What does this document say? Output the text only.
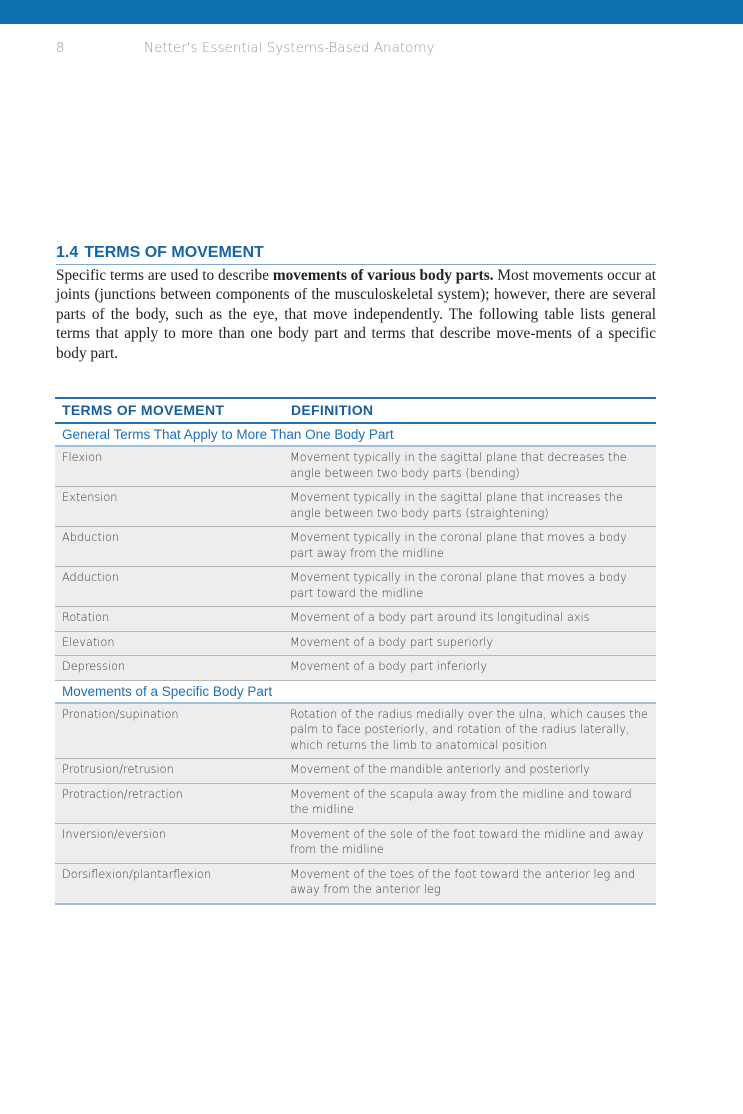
8	Netter's Essential Systems-Based Anatomy
1.4 TERMS OF MOVEMENT

Specific terms are used to describe movements of various body parts. Most movements occur at joints (junctions between components of the musculoskeletal system); however, there are several parts of the body, such as the eye, that move independently. The following table lists general terms that apply to more than one body part and terms that describe move-ments of a specific body part.

TERMS OF MOVEMENT	DEFINITION
General Terms That Apply to More Than One Body Part	
Flexion	Movement typically in the sagittal plane that decreases the angle between two body parts (bending)
Extension	Movement typically in the sagittal plane that increases the angle between two body parts (straightening)
Abduction	Movement typically in the coronal plane that moves a body part away from the midline
Adduction	Movement typically in the coronal plane that moves a body part toward the midline
Rotation	Movement of a body part around its longitudinal axis
Elevation	Movement of a body part superiorly
Depression	Movement of a body part inferiorly
Movements of a Specific Body Part	
Pronation/supination	Rotation of the radius medially over the ulna, which causes the palm to face posteriorly, and rotation of the radius laterally, which returns the limb to anatomical position
Protrusion/retrusion	Movement of the mandible anteriorly and posteriorly
Protraction/retraction	Movement of the scapula away from the midline and toward the midline
Inversion/eversion	Movement of the sole of the foot toward the midline and away from the midline
Dorsiflexion/plantarflexion	Movement of the toes of the foot toward the anterior leg and away from the anterior leg
